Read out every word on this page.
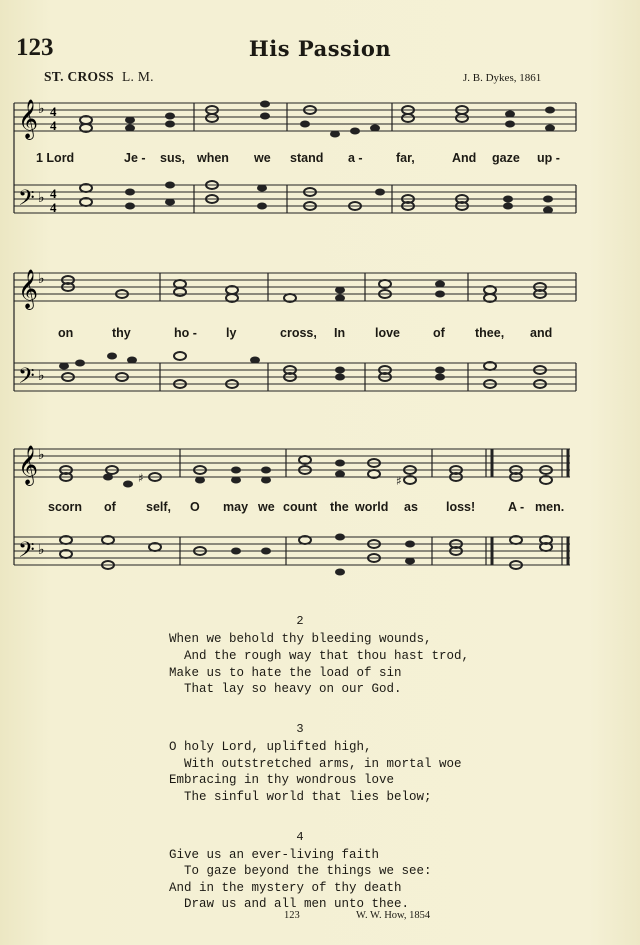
123	His Passion
ST. CROSS L. M.	J. B. Dykes, 1861
𝄞
𝄢
♭
♭
4
4
4
4
1 Lord	Je - sus, when we stand a -	far,	And gaze up -
𝄞
𝄢
♭
♭
on	thy	ho - ly	cross, In love	of thee, and
𝄞
𝄢
♭
♭
♯	♯
scorn of self, O may we count the world as loss!	A - men.
2
When we behold thy bleeding wounds,
And the rough way that thou hast trod,
Make us to hate the load of sin
That lay so heavy on our God.
3
O holy Lord, uplifted high,
With outstretched arms, in mortal woe
Embracing in thy wondrous love
The sinful world that lies below;
4
Give us an ever-living faith
To gaze beyond the things we see:
And in the mystery of thy death
Draw us and all men unto thee.
123	W. W. How, 1854
